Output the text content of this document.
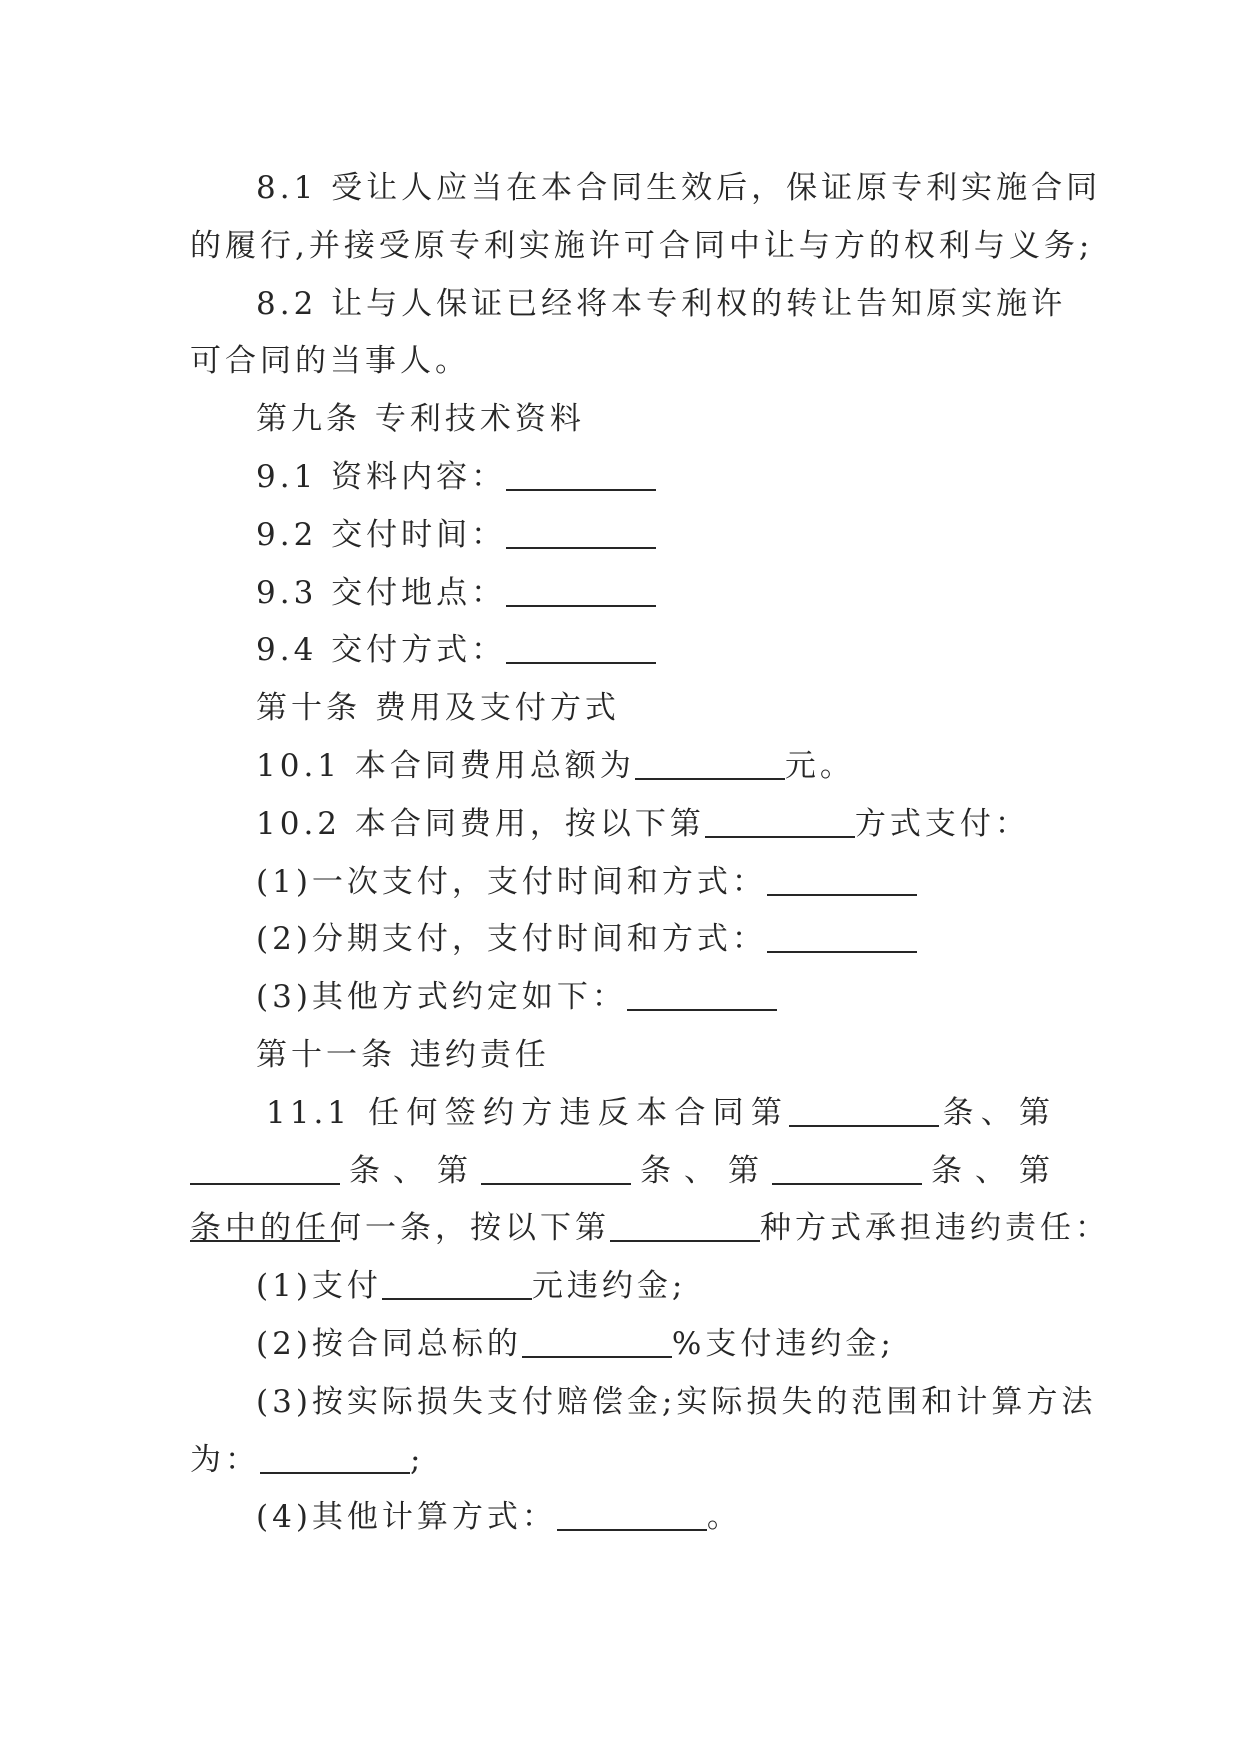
8.1 受让人应当在本合同生效后，保证原专利实施合同
的履行,并接受原专利实施许可合同中让与方的权利与义务;
8.2 让与人保证已经将本专利权的转让告知原实施许
可合同的当事人。
第九条 专利技术资料
9.1 资料内容：
9.2 交付时间：
9.3 交付地点：
9.4 交付方式：
第十条 费用及支付方式
10.1 本合同费用总额为	元。
10.2 本合同费用，按以下第	方式支付：
(1)一次支付，支付时间和方式：
(2)分期支付，支付时间和方式：
(3)其他方式约定如下：
第十一条 违约责任
11.1 任何签约方违反本合同第	条、第
条、第	条、第	条、第
条中的任何一条，按以下第	种方式承担违约责任：
(1)支付	元违约金;
(2)按合同总标的	%支付违约金;
(3)按实际损失支付赔偿金;实际损失的范围和计算方法
为：	;
(4)其他计算方式：	。
